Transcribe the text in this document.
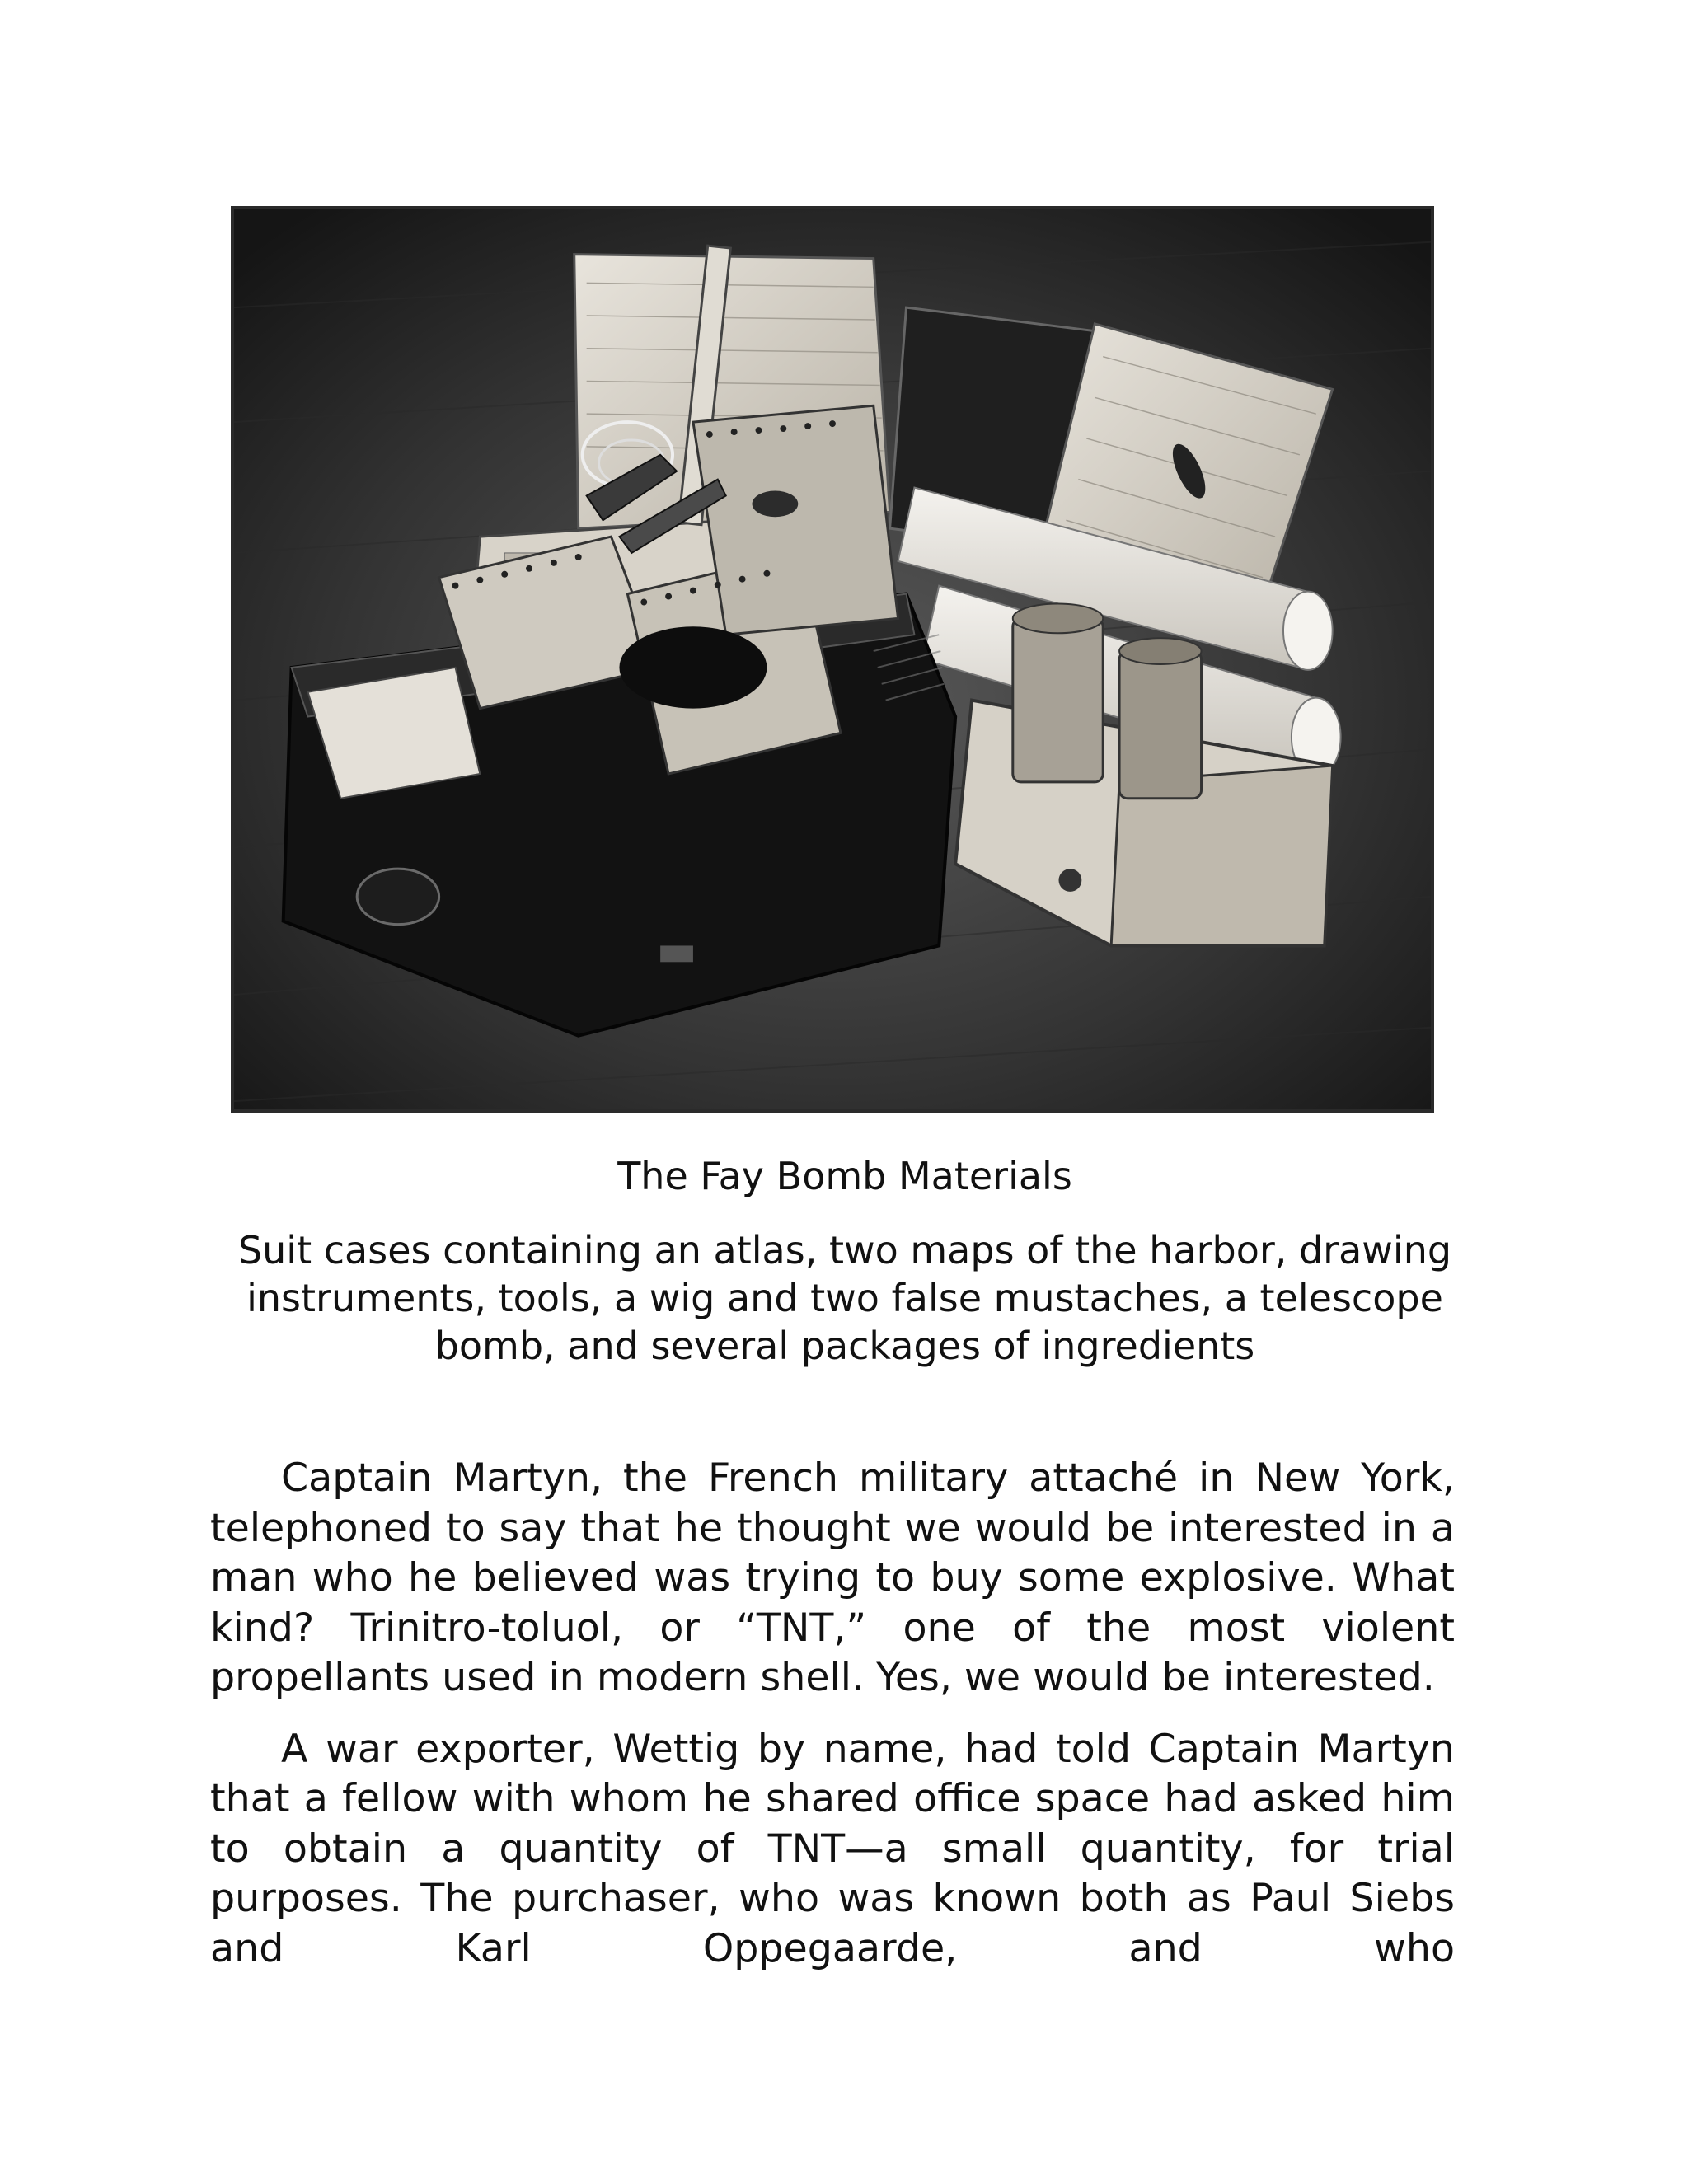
The Fay Bomb Materials
Suit cases containing an atlas, two maps of the harbor, drawing instruments, tools, a wig and two false mustaches, a telescope bomb, and several packages of ingredients

Captain Martyn, the French military attaché in New York, telephoned to say that he thought we would be interested in a man who he believed was trying to buy some explosive. What kind? Trinitro-toluol, or “TNT,” one of the most violent propellants used in modern shell. Yes, we would be interested.

A war exporter, Wettig by name, had told Captain Martyn that a fellow with whom he shared office space had asked him to obtain a quantity of TNT—a small quantity, for trial purposes. The purchaser, who was known both as Paul Siebs and Karl Oppegaarde, and who
